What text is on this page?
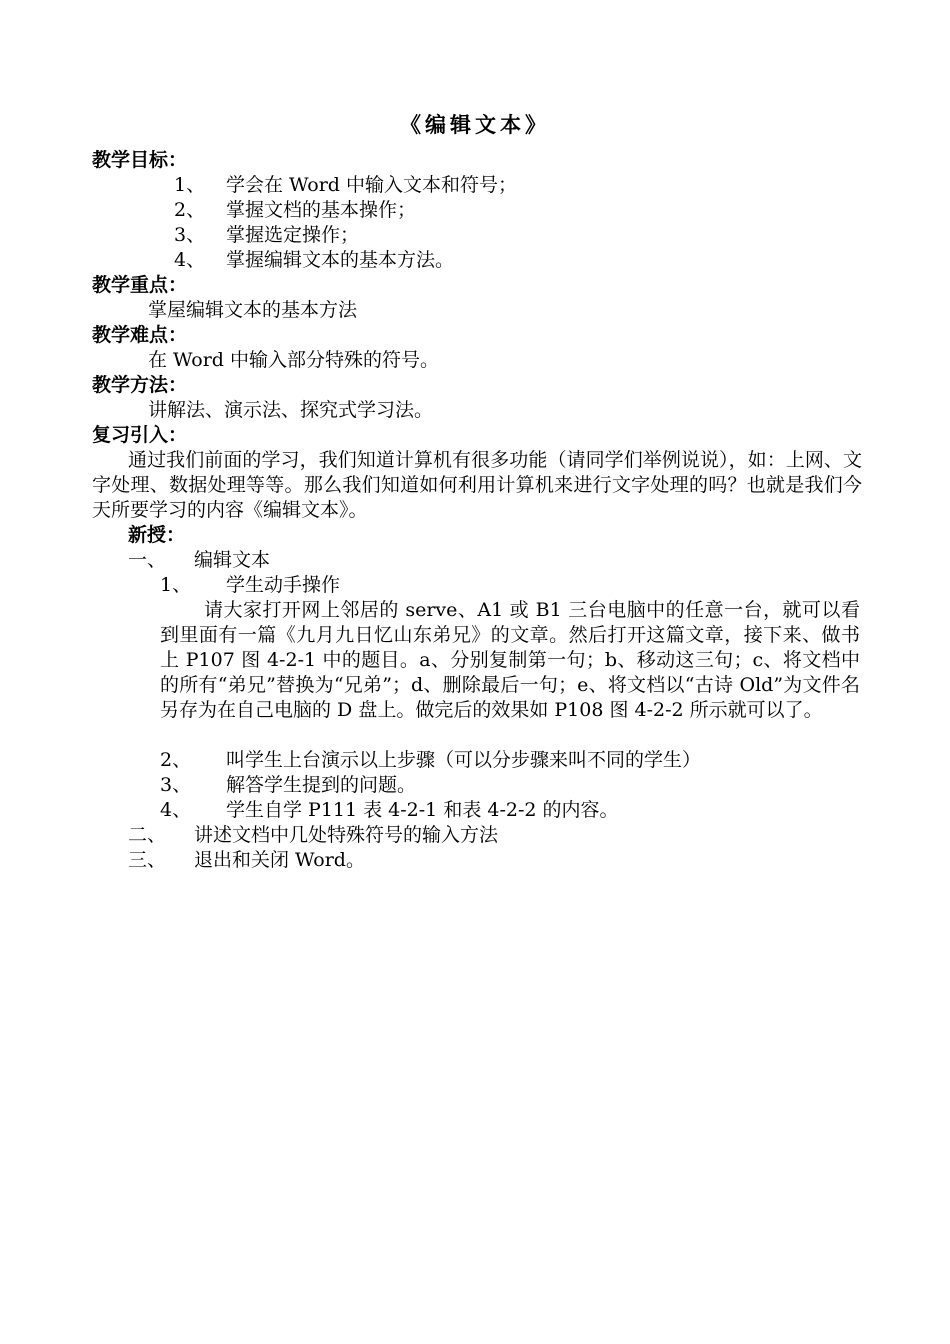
《编辑文本》
教学目标：
1、 学会在 Word 中输入文本和符号；
2、 掌握文档的基本操作；
3、 掌握选定操作；
4、 掌握编辑文本的基本方法。
教学重点：
掌屋编辑文本的基本方法
教学难点：
在 Word 中输入部分特殊的符号。
教学方法：
讲解法、演示法、探究式学习法。
复习引入：
通过我们前面的学习，我们知道计算机有很多功能（请同学们举例说说），如：上网、文字处理、数据处理等等。那么我们知道如何利用计算机来进行文字处理的吗？也就是我们今天所要学习的内容《编辑文本》。
新授：
一、 编辑文本
1、 学生动手操作
请大家打开网上邻居的 serve、A1 或 B1 三台电脑中的任意一台，就可以看到里面有一篇《九月九日忆山东弟兄》的文章。然后打开这篇文章，接下来、做书上 P107 图 4-2-1 中的题目。a、分别复制第一句；b、移动这三句；c、将文档中的所有“弟兄”替换为“兄弟”；d、删除最后一句；e、将文档以“古诗 Old”为文件名另存为在自己电脑的 D 盘上。做完后的效果如 P108 图 4-2-2 所示就可以了。
2、 叫学生上台演示以上步骤（可以分步骤来叫不同的学生）
3、 解答学生提到的问题。
4、 学生自学 P111 表 4-2-1 和表 4-2-2 的内容。
二、 讲述文档中几处特殊符号的输入方法
三、 退出和关闭 Word。
